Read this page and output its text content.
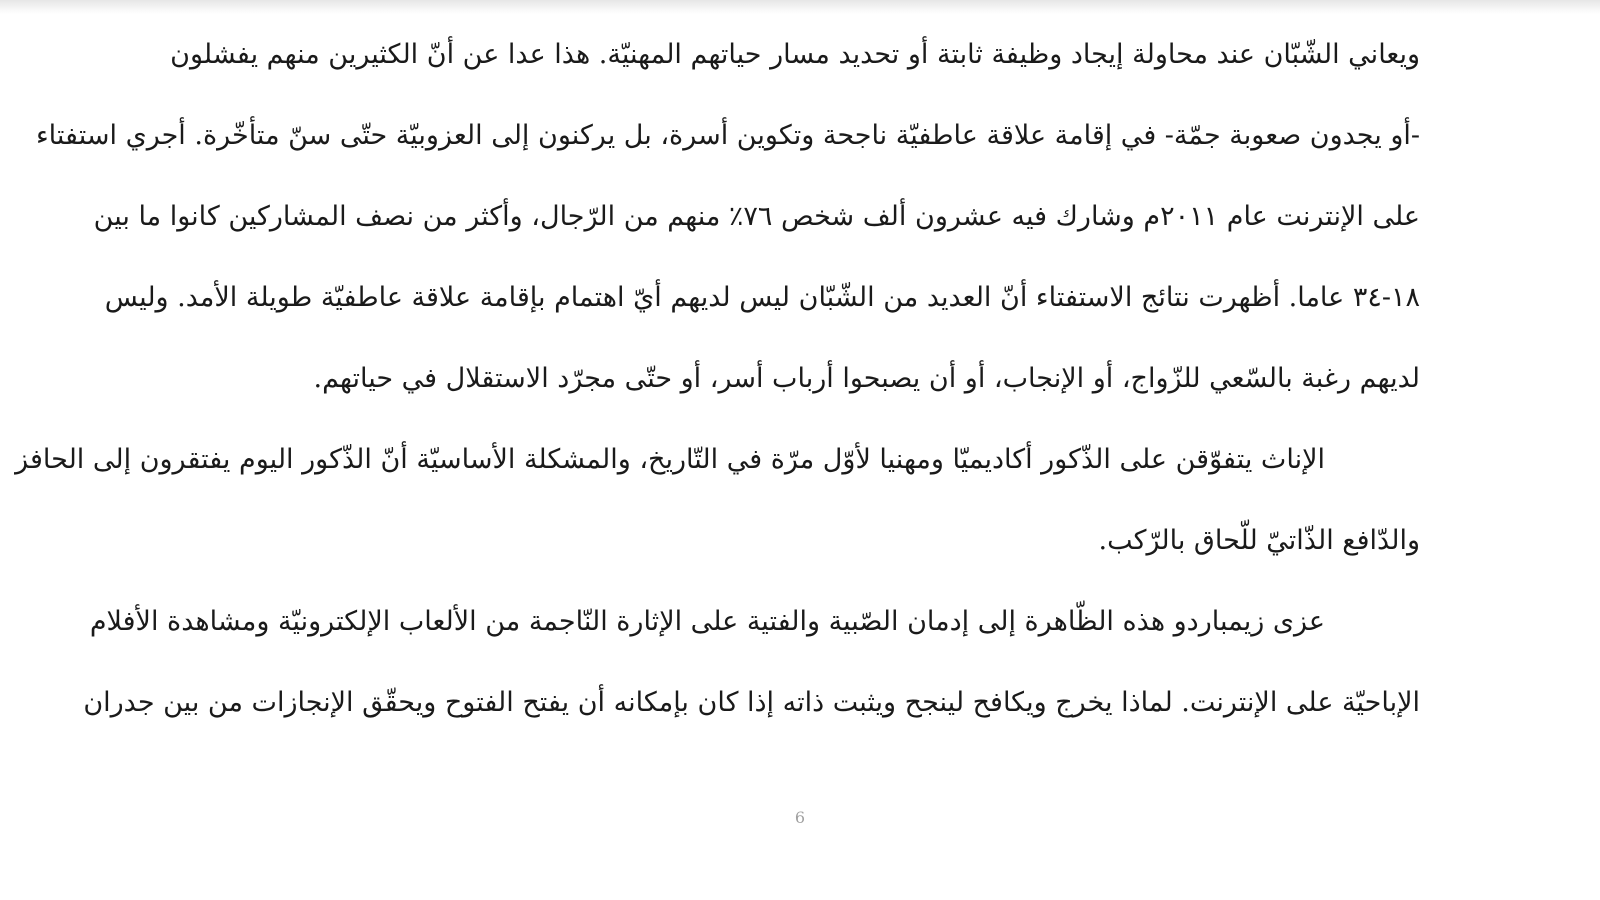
ويعاني الشّبّان عند محاولة إيجاد وظيفة ثابتة أو تحديد مسار حياتهم المهنيّة. هذا عدا عن أنّ الكثيرين منهم يفشلون
-أو يجدون صعوبة جمّة- في إقامة علاقة عاطفيّة ناجحة وتكوين أسرة، بل يركنون إلى العزوبيّة حتّى سنّ متأخّرة. أجري استفتاء
على الإنترنت عام ٢٠١١م وشارك فيه عشرون ألف شخص ٧٦٪ منهم من الرّجال، وأكثر من نصف المشاركين كانوا ما بين
١٨-٣٤ عاما. أظهرت نتائج الاستفتاء أنّ العديد من الشّبّان ليس لديهم أيّ اهتمام بإقامة علاقة عاطفيّة طويلة الأمد. وليس
لديهم رغبة بالسّعي للزّواج، أو الإنجاب، أو أن يصبحوا أرباب أسر، أو حتّى مجرّد الاستقلال في حياتهم.
الإناث يتفوّقن على الذّكور أكاديميّا ومهنيا لأوّل مرّة في التّاريخ، والمشكلة الأساسيّة أنّ الذّكور اليوم يفتقرون إلى الحافز
والدّافع الذّاتيّ للّحاق بالرّكب.
عزى زيمباردو هذه الظّاهرة إلى إدمان الصّبية والفتية على الإثارة النّاجمة من الألعاب الإلكترونيّة ومشاهدة الأفلام
الإباحيّة على الإنترنت. لماذا يخرج ويكافح لينجح ويثبت ذاته إذا كان بإمكانه أن يفتح الفتوح ويحقّق الإنجازات من بين جدران
6
